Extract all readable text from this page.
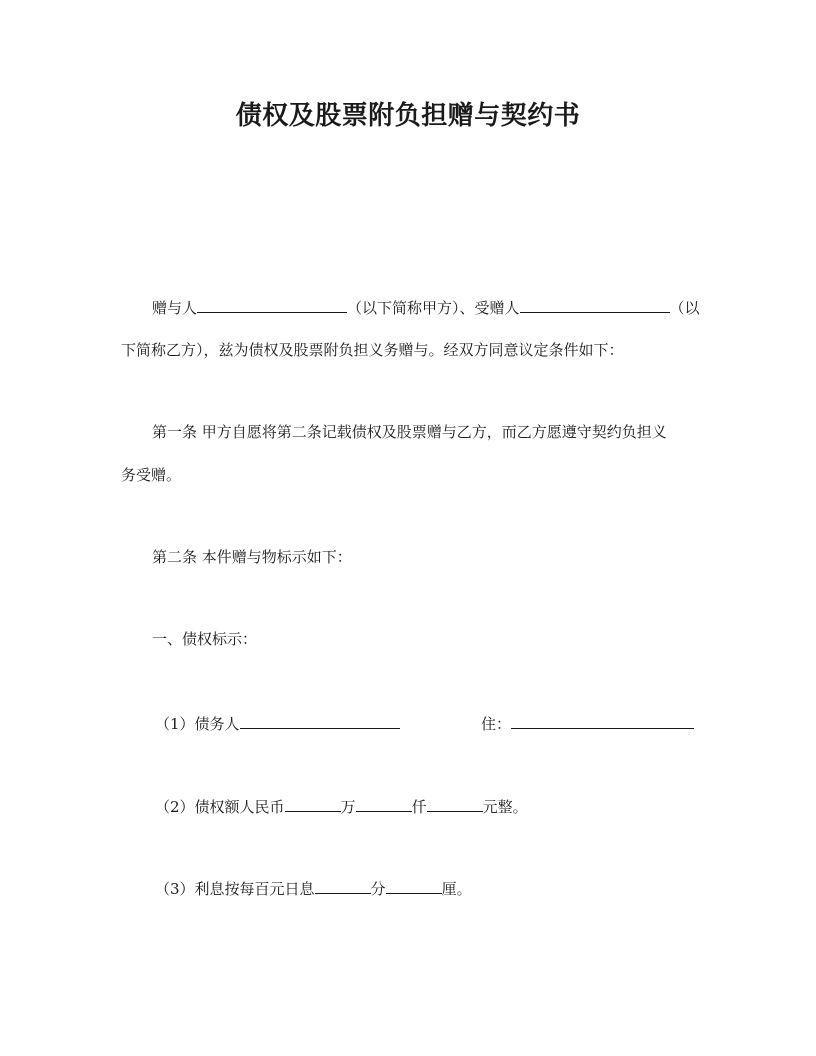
债权及股票附负担赠与契约书
赠与人	（以下简称甲方）、受赠人	（以
下简称乙方），兹为债权及股票附负担义务赠与。经双方同意议定条件如下：
第一条 甲方自愿将第二条记载债权及股票赠与乙方，而乙方愿遵守契约负担义
务受赠。
第二条 本件赠与物标示如下：
一、债权标示：
（1）债务人	住：
（2）债权额人民币	万	仟	元整。
（3）利息按每百元日息	分	厘。
